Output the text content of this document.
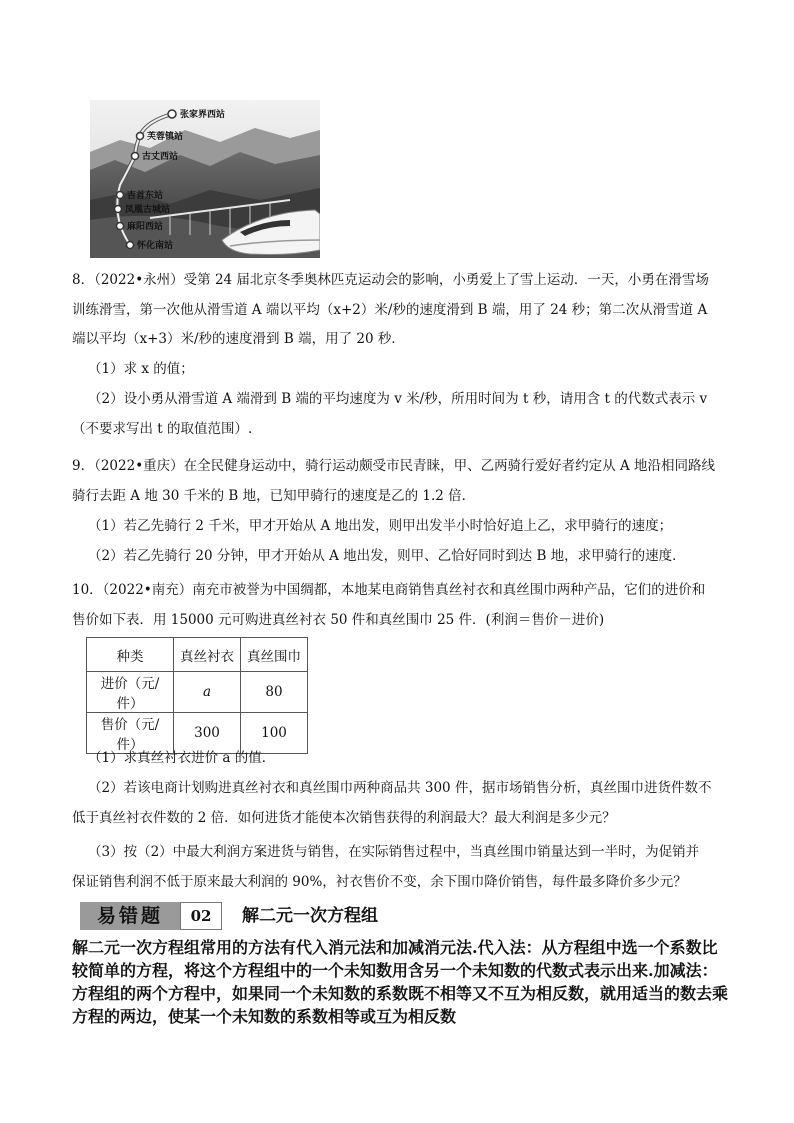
张家界西站
芙蓉镇站
古丈西站
吉首东站
凤凰古城站
麻阳西站
怀化南站
8．（2022•永州）受第 24 届北京冬季奥林匹克运动会的影响，小勇爱上了雪上运动．一天，小勇在滑雪场
训练滑雪，第一次他从滑雪道 A 端以平均（x+2）米/秒的速度滑到 B 端，用了 24 秒；第二次从滑雪道 A
端以平均（x+3）米/秒的速度滑到 B 端，用了 20 秒．
（1）求 x 的值；
（2）设小勇从滑雪道 A 端滑到 B 端的平均速度为 v 米/秒，所用时间为 t 秒，请用含 t 的代数式表示 v
（不要求写出 t 的取值范围）.
9．（2022•重庆）在全民健身运动中，骑行运动颇受市民青睐，甲、乙两骑行爱好者约定从 A 地沿相同路线
骑行去距 A 地 30 千米的 B 地，已知甲骑行的速度是乙的 1.2 倍．
（1）若乙先骑行 2 千米，甲才开始从 A 地出发，则甲出发半小时恰好追上乙，求甲骑行的速度；
（2）若乙先骑行 20 分钟，甲才开始从 A 地出发，则甲、乙恰好同时到达 B 地，求甲骑行的速度．
10．（2022•南充）南充市被誉为中国绸都，本地某电商销售真丝衬衣和真丝围巾两种产品，它们的进价和
售价如下表．用 15000 元可购进真丝衬衣 50 件和真丝围巾 25 件．(利润＝售价－进价)
种类	真丝衬衣	真丝围巾
进价（元/件）	a	80
售价（元/件）	300	100
（1）求真丝衬衣进价 a 的值．
（2）若该电商计划购进真丝衬衣和真丝围巾两种商品共 300 件，据市场销售分析，真丝围巾进货件数不
低于真丝衬衣件数的 2 倍．如何进货才能使本次销售获得的利润最大？最大利润是多少元？
（3）按（2）中最大利润方案进货与销售，在实际销售过程中，当真丝围巾销量达到一半时，为促销并
保证销售利润不低于原来最大利润的 90%，衬衣售价不变，余下围巾降价销售，每件最多降价多少元？
易错题	02	解二元一次方程组
解二元一次方程组常用的方法有代入消元法和加减消元法.代入法：从方程组中选一个系数比较简单的方程，将这个方程组中的一个未知数用含另一个未知数的代数式表示出来.加减法：方程组的两个方程中，如果同一个未知数的系数既不相等又不互为相反数，就用适当的数去乘方程的两边，使某一个未知数的系数相等或互为相反数
